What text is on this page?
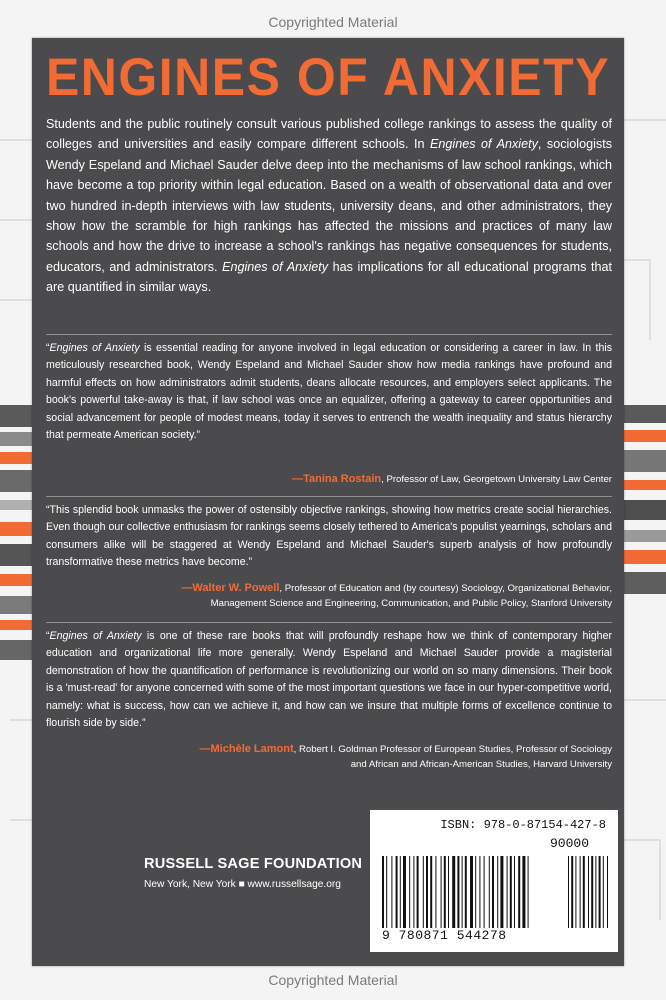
Copyrighted Material
ENGINES OF ANXIETY
Students and the public routinely consult various published college rankings to assess the quality of colleges and universities and easily compare different schools. In Engines of Anxiety, sociologists Wendy Espeland and Michael Sauder delve deep into the mechanisms of law school rankings, which have become a top priority within legal education. Based on a wealth of observational data and over two hundred in-depth interviews with law students, university deans, and other administrators, they show how the scramble for high rankings has affected the missions and practices of many law schools and how the drive to increase a school's rankings has negative consequences for students, educators, and administrators. Engines of Anxiety has implications for all educational programs that are quantified in similar ways.
“Engines of Anxiety is essential reading for anyone involved in legal education or considering a career in law. In this meticulously researched book, Wendy Espeland and Michael Sauder show how media rankings have profound and harmful effects on how administrators admit students, deans allocate resources, and employers select applicants. The book's powerful take-away is that, if law school was once an equalizer, offering a gateway to career opportunities and social advancement for people of modest means, today it serves to entrench the wealth inequality and status hierarchy that permeate American society.”
—Tanina Rostain, Professor of Law, Georgetown University Law Center
“This splendid book unmasks the power of ostensibly objective rankings, showing how metrics create social hierarchies. Even though our collective enthusiasm for rankings seems closely tethered to America's populist yearnings, scholars and consumers alike will be staggered at Wendy Espeland and Michael Sauder's superb analysis of how profoundly transformative these metrics have become.”
—Walter W. Powell, Professor of Education and (by courtesy) Sociology, Organizational Behavior,
Management Science and Engineering, Communication, and Public Policy, Stanford University
“Engines of Anxiety is one of these rare books that will profoundly reshape how we think of contemporary higher education and organizational life more generally. Wendy Espeland and Michael Sauder provide a magisterial demonstration of how the quantification of performance is revolutionizing our world on so many dimensions. Their book is a 'must-read' for anyone concerned with some of the most important questions we face in our hyper-competitive world, namely: what is success, how can we achieve it, and how can we insure that multiple forms of excellence continue to flourish side by side.”
—Michèle Lamont, Robert I. Goldman Professor of European Studies, Professor of Sociology
and African and African-American Studies, Harvard University
RUSSELL SAGE FOUNDATION
New York, New York ■ www.russellsage.org
ISBN: 978-0-87154-427-8
90000
9 780871 544278
Copyrighted Material
